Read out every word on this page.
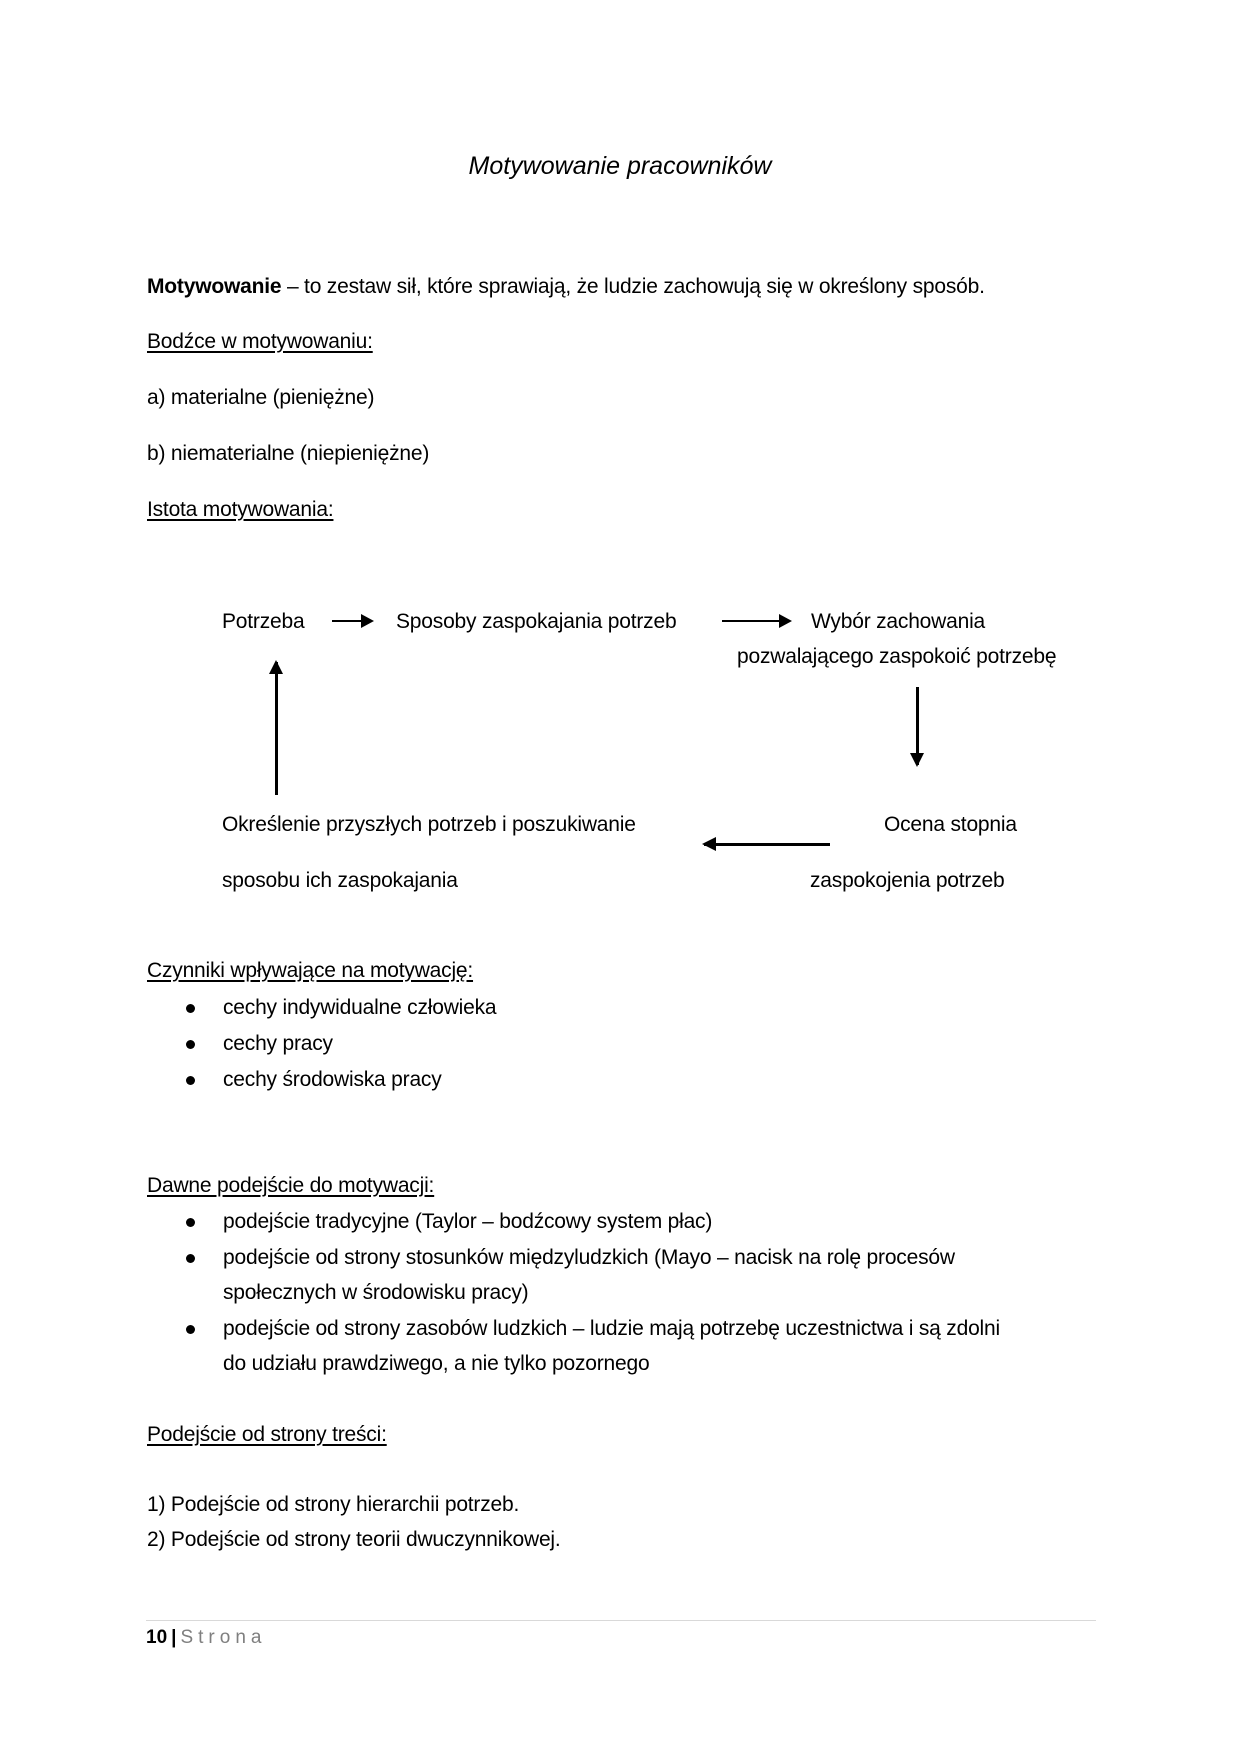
Motywowanie pracowników
Motywowanie – to zestaw sił, które sprawiają, że ludzie zachowują się w określony sposób.
Bodźce w motywowaniu:
a) materialne (pieniężne)
b) niematerialne (niepieniężne)
Istota motywowania:
Potrzeba	Sposoby zaspokajania potrzeb	Wybór zachowania
pozwalającego zaspokoić potrzebę
Określenie przyszłych potrzeb i poszukiwanie	Ocena stopnia
sposobu ich zaspokajania	zaspokojenia potrzeb
Czynniki wpływające na motywację:
cechy indywidualne człowieka
cechy pracy
cechy środowiska pracy
Dawne podejście do motywacji:
podejście tradycyjne (Taylor – bodźcowy system płac)
podejście od strony stosunków międzyludzkich (Mayo – nacisk na rolę procesów
społecznych w środowisku pracy)
podejście od strony zasobów ludzkich – ludzie mają potrzebę uczestnictwa i są zdolni
do udziału prawdziwego, a nie tylko pozornego
Podejście od strony treści:
1) Podejście od strony hierarchii potrzeb.
2) Podejście od strony teorii dwuczynnikowej.
10 | Strona
